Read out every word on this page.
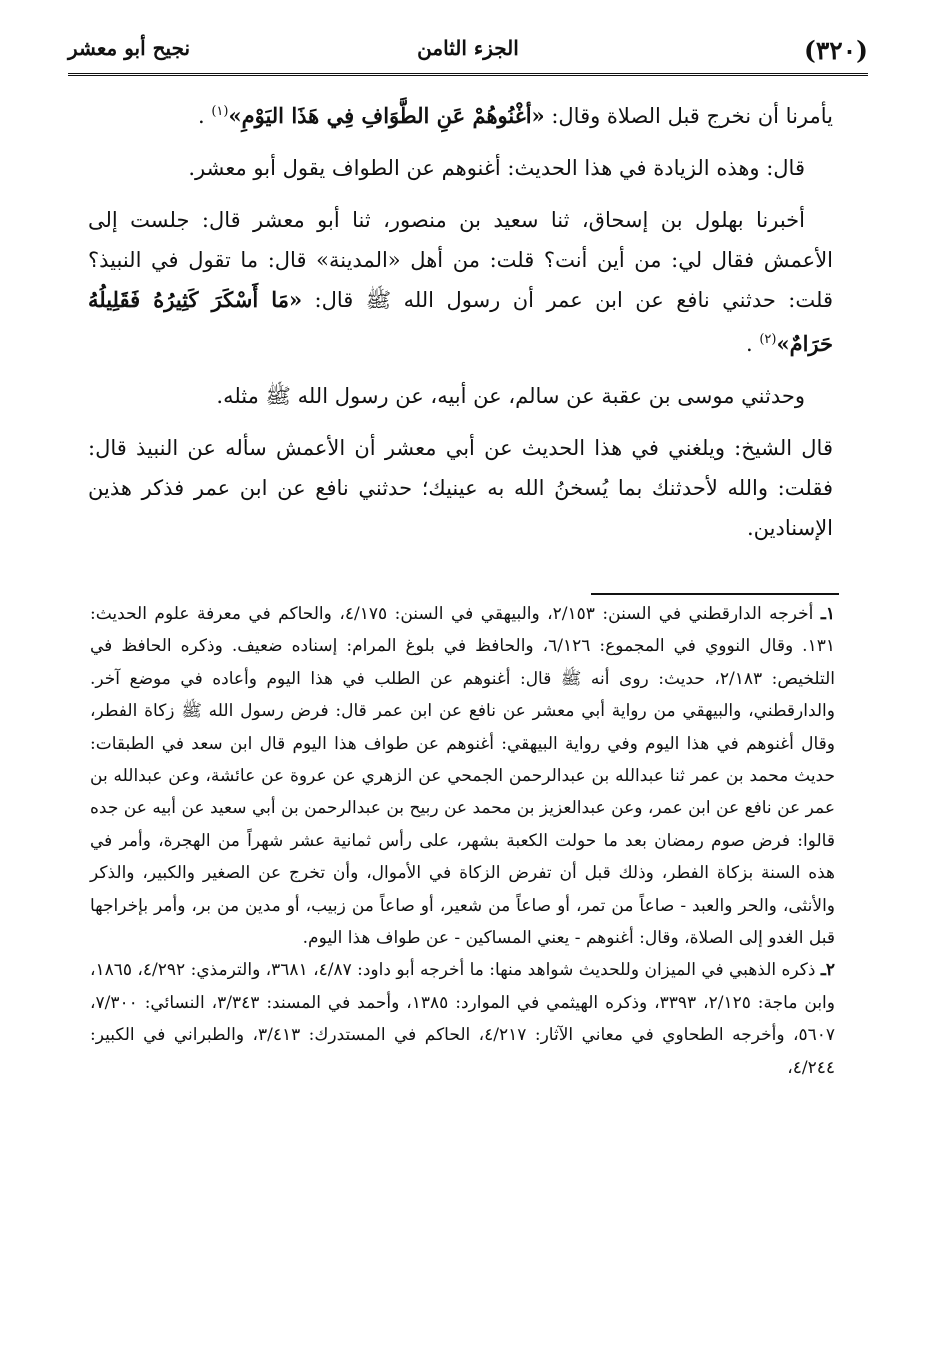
(٣٢٠)
الجزء الثامن
نجيح أبو معشر

يأمرنا أن نخرج قبل الصلاة وقال: «أغْنُوهُمْ عَنِ الطَّوَافِ فِي هَذَا اليَوْمِ»$^{(١)}$ .

قال: وهذه الزيادة في هذا الحديث: أغنوهم عن الطواف يقول أبو معشر.

أخبرنا بهلول بن إسحاق، ثنا سعيد بن منصور، ثنا أبو معشر قال: جلست إلى الأعمش فقال لي: من أين أنت؟ قلت: من أهل «المدينة» قال: ما تقول في النبيذ؟ قلت: حدثني نافع عن ابن عمر أن رسول الله ﷺ قال: «مَا أَسْكَرَ كَثِيرُهُ فَقَلِيلُهُ حَرَامٌ»$^{(٢)}$ .

وحدثني موسى بن عقبة عن سالم، عن أبيه، عن رسول الله ﷺ مثله.

قال الشيخ: ويلغني في هذا الحديث عن أبي معشر أن الأعمش سأله عن النبيذ قال: فقلت: والله لأحدثنك بما يُسخنُ الله به عينيك؛ حدثني نافع عن ابن عمر فذكر هذين الإسنادين.

١ـ أخرجه الدارقطني في السنن: ٢/١٥٣، والبيهقي في السنن: ٤/١٧٥، والحاكم في معرفة علوم الحديث: ١٣١. وقال النووي في المجموع: ٦/١٢٦، والحافظ في بلوغ المرام: إسناده ضعيف. وذكره الحافظ في التلخيص: ٢/١٨٣، حديث: روى أنه ﷺ قال: أغنوهم عن الطلب في هذا اليوم وأعاده في موضع آخر. والدارقطني، والبيهقي من رواية أبي معشر عن نافع عن ابن عمر قال: فرض رسول الله ﷺ زكاة الفطر، وقال أغنوهم في هذا اليوم وفي رواية البيهقي: أغنوهم عن طواف هذا اليوم قال ابن سعد في الطبقات: حديث محمد بن عمر ثنا عبدالله بن عبدالرحمن الجمحي عن الزهري عن عروة عن عائشة، وعن عبدالله بن عمر عن نافع عن ابن عمر، وعن عبدالعزيز بن محمد عن ربيح بن عبدالرحمن بن أبي سعيد عن أبيه عن جده قالوا: فرض صوم رمضان بعد ما حولت الكعبة بشهر، على رأس ثمانية عشر شهراً من الهجرة، وأمر في هذه السنة بزكاة الفطر، وذلك قبل أن تفرض الزكاة في الأموال، وأن تخرج عن الصغير والكبير، والذكر والأنثى، والحر والعبد - صاعاً من تمر، أو صاعاً من شعير، أو صاعاً من زبيب، أو مدين من بر، وأمر بإخراجها قبل الغدو إلى الصلاة، وقال: أغنوهم - يعني المساكين - عن طواف هذا اليوم.

٢ـ ذكره الذهبي في الميزان وللحديث شواهد منها: ما أخرجه أبو داود: ٤/٨٧، ٣٦٨١، والترمذي: ٤/٢٩٢، ١٨٦٥، وابن ماجة: ٢/١٢٥، ٣٣٩٣، وذكره الهيثمي في الموارد: ١٣٨٥، وأحمد في المسند: ٣/٣٤٣، النسائي: ٧/٣٠٠، ٥٦٠٧، وأخرجه الطحاوي في معاني الآثار: ٤/٢١٧، الحاكم في المستدرك: ٣/٤١٣، والطبراني في الكبير: ٤/٢٤٤،
